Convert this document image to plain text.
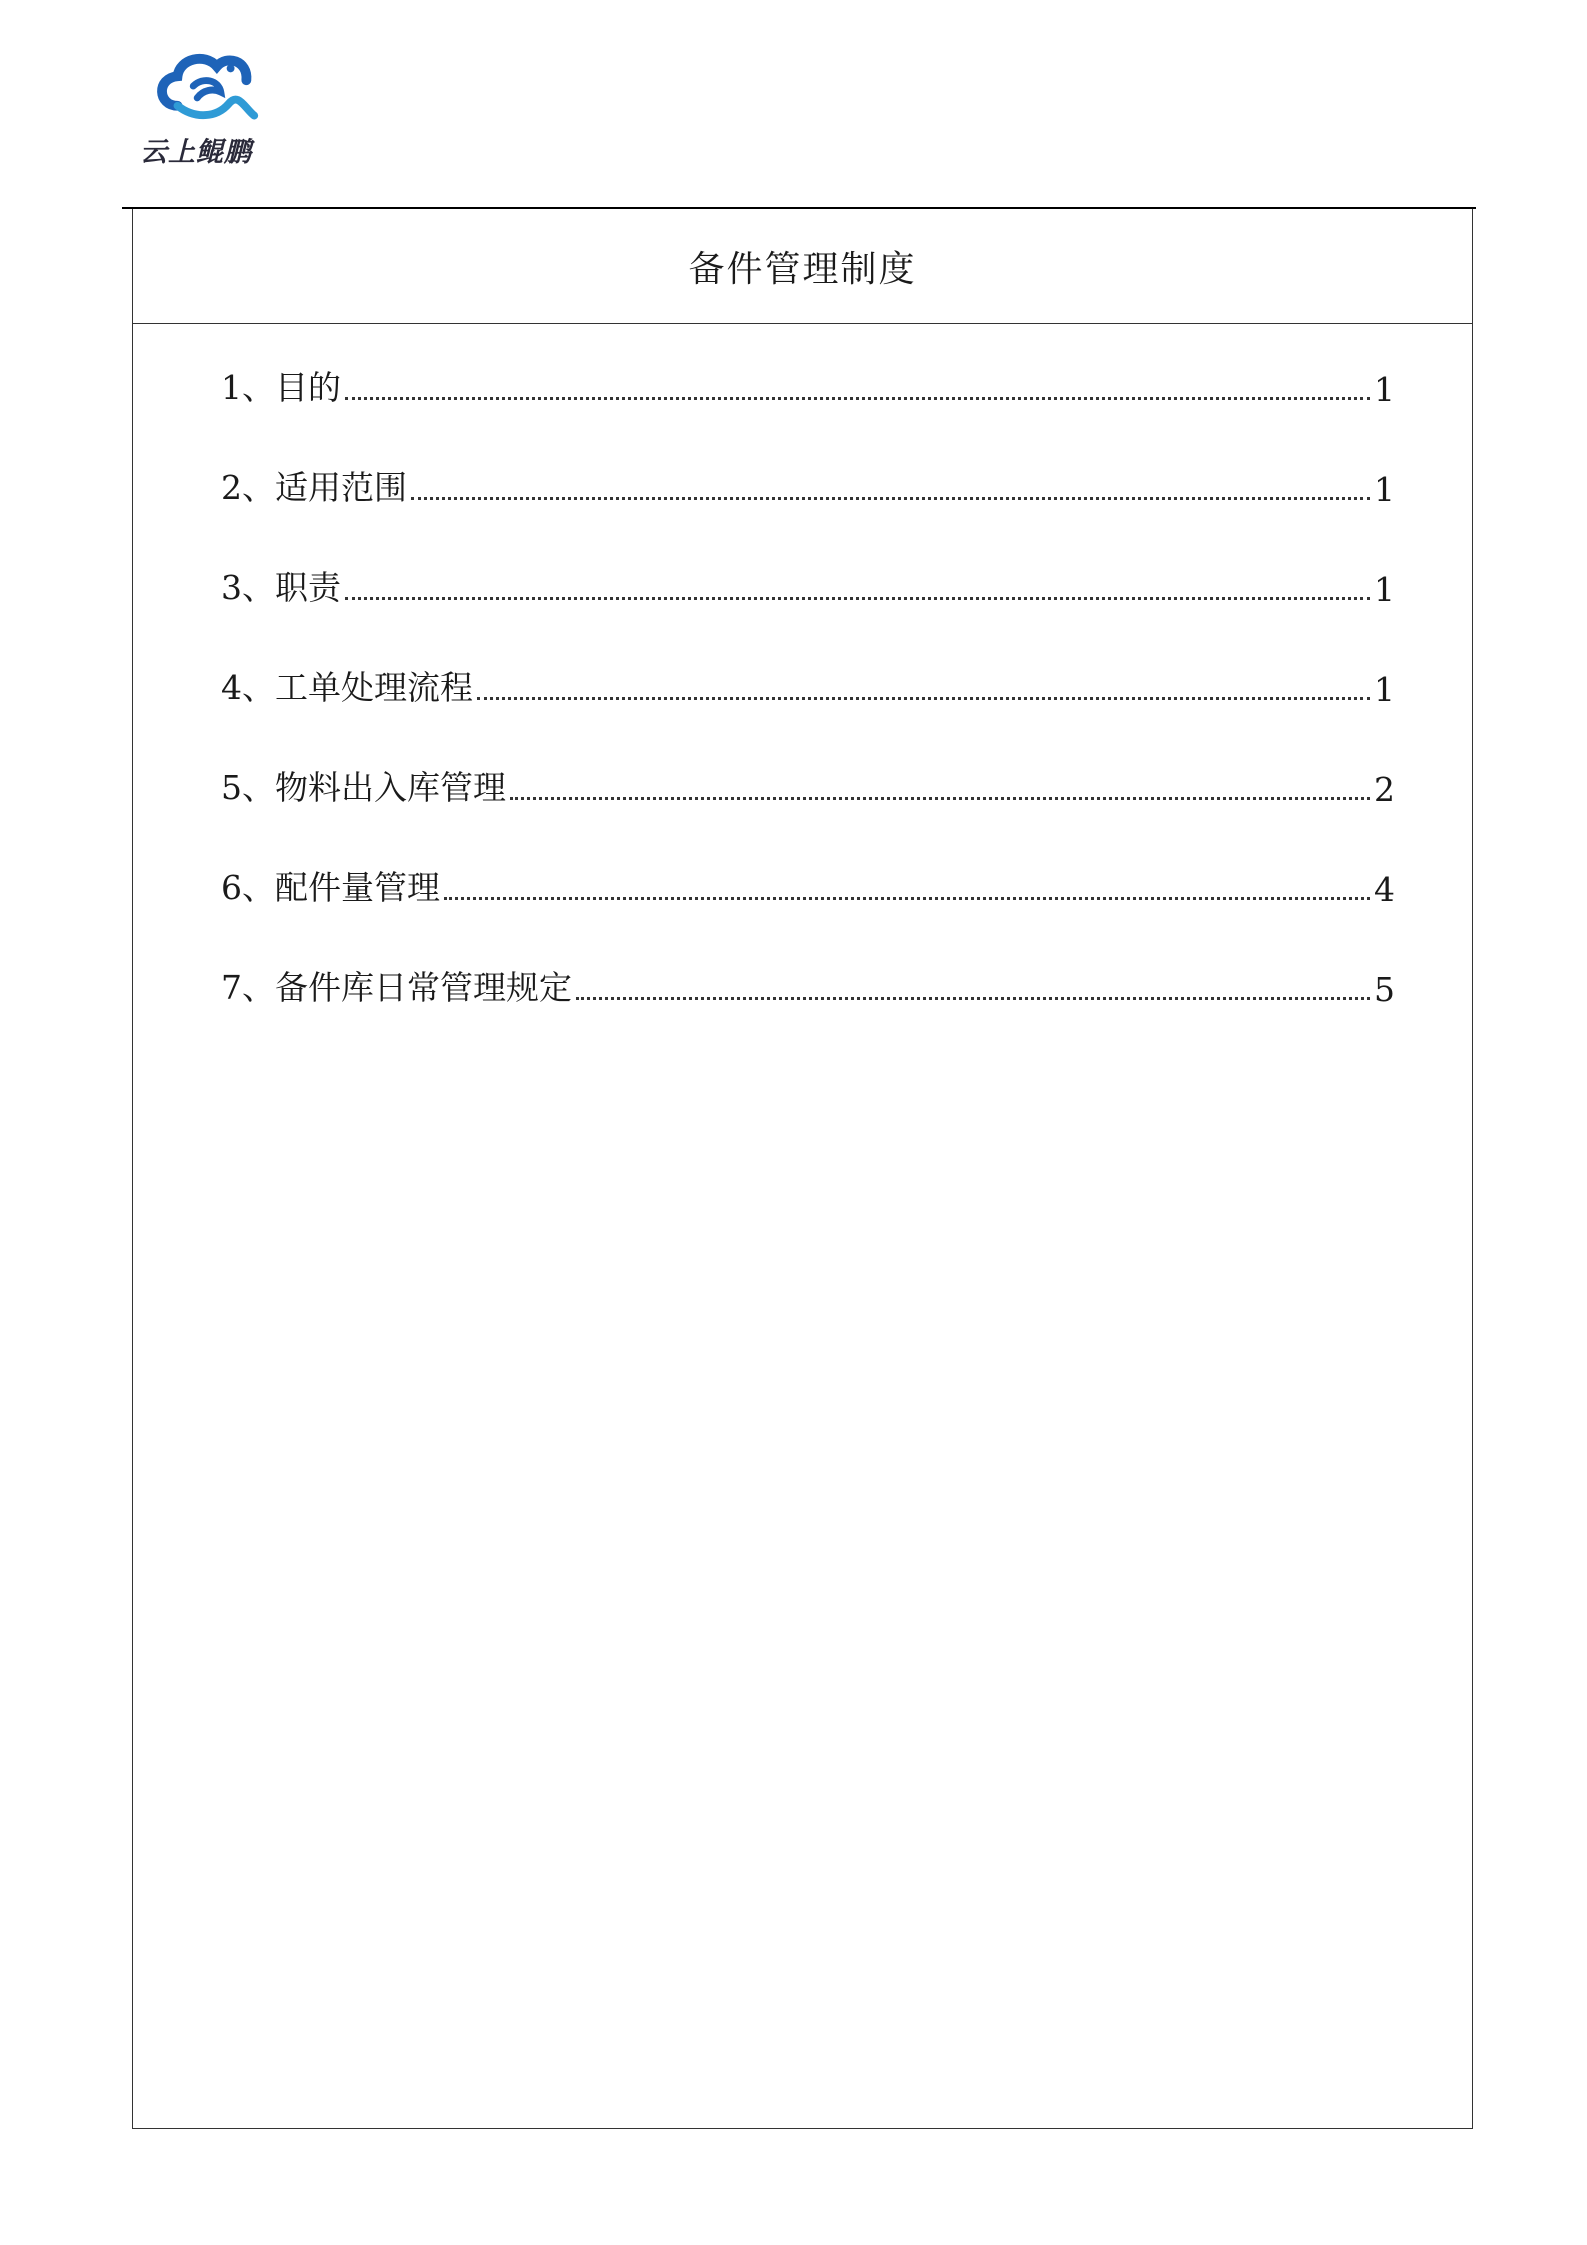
云上鲲鹏
备件管理制度
1、目的	1
2、适用范围	1
3、职责	1
4、工单处理流程	1
5、物料出入库管理	2
6、配件量管理	4
7、备件库日常管理规定	5
